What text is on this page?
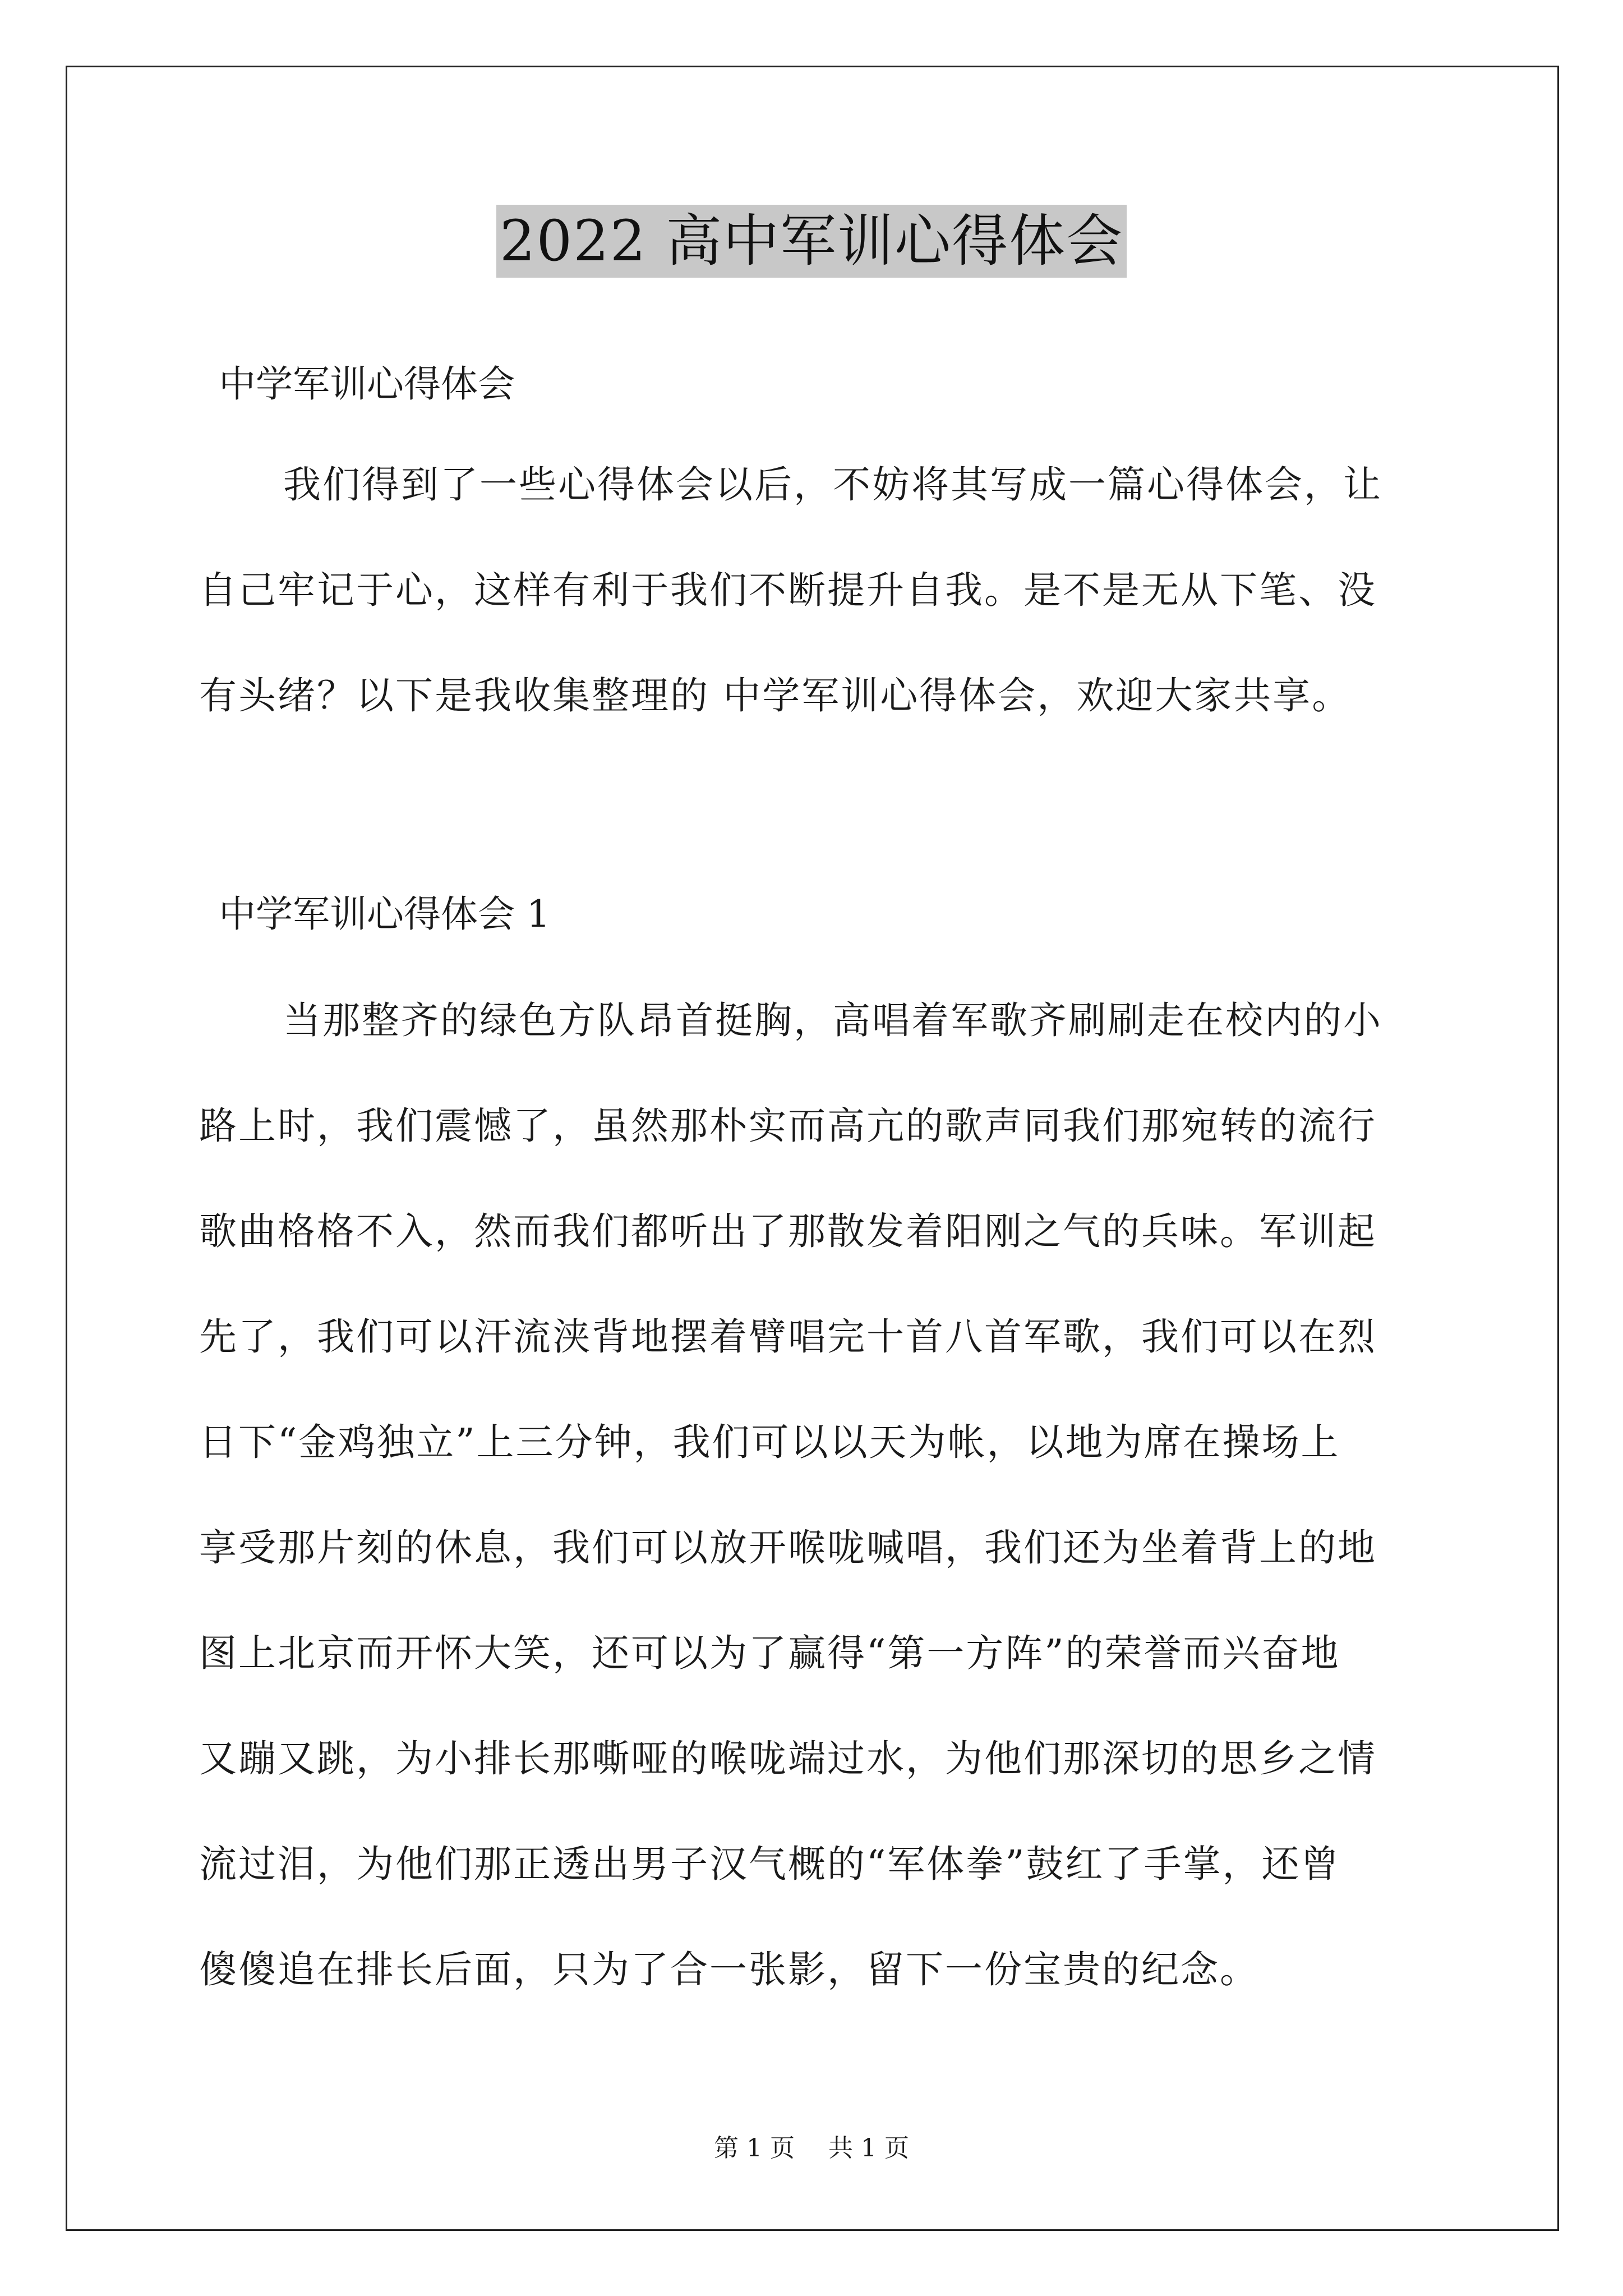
2022 高中军训心得体会
中学军训心得体会
我们得到了一些心得体会以后，不妨将其写成一篇心得体会，让
自己牢记于心，这样有利于我们不断提升自我。是不是无从下笔、没
有头绪？以下是我收集整理的 中学军训心得体会，欢迎大家共享。
中学军训心得体会 1
当那整齐的绿色方队昂首挺胸，高唱着军歌齐刷刷走在校内的小
路上时，我们震憾了，虽然那朴实而高亢的歌声同我们那宛转的流行
歌曲格格不入，然而我们都听出了那散发着阳刚之气的兵味。军训起
先了，我们可以汗流浃背地摆着臂唱完十首八首军歌，我们可以在烈
日下“金鸡独立”上三分钟，我们可以以天为帐，以地为席在操场上
享受那片刻的休息，我们可以放开喉咙喊唱，我们还为坐着背上的地
图上北京而开怀大笑，还可以为了赢得“第一方阵”的荣誉而兴奋地
又蹦又跳，为小排长那嘶哑的喉咙端过水，为他们那深切的思乡之情
流过泪，为他们那正透出男子汉气概的“军体拳”鼓红了手掌，还曾
傻傻追在排长后面，只为了合一张影，留下一份宝贵的纪念。
第 1 页 共 1 页
